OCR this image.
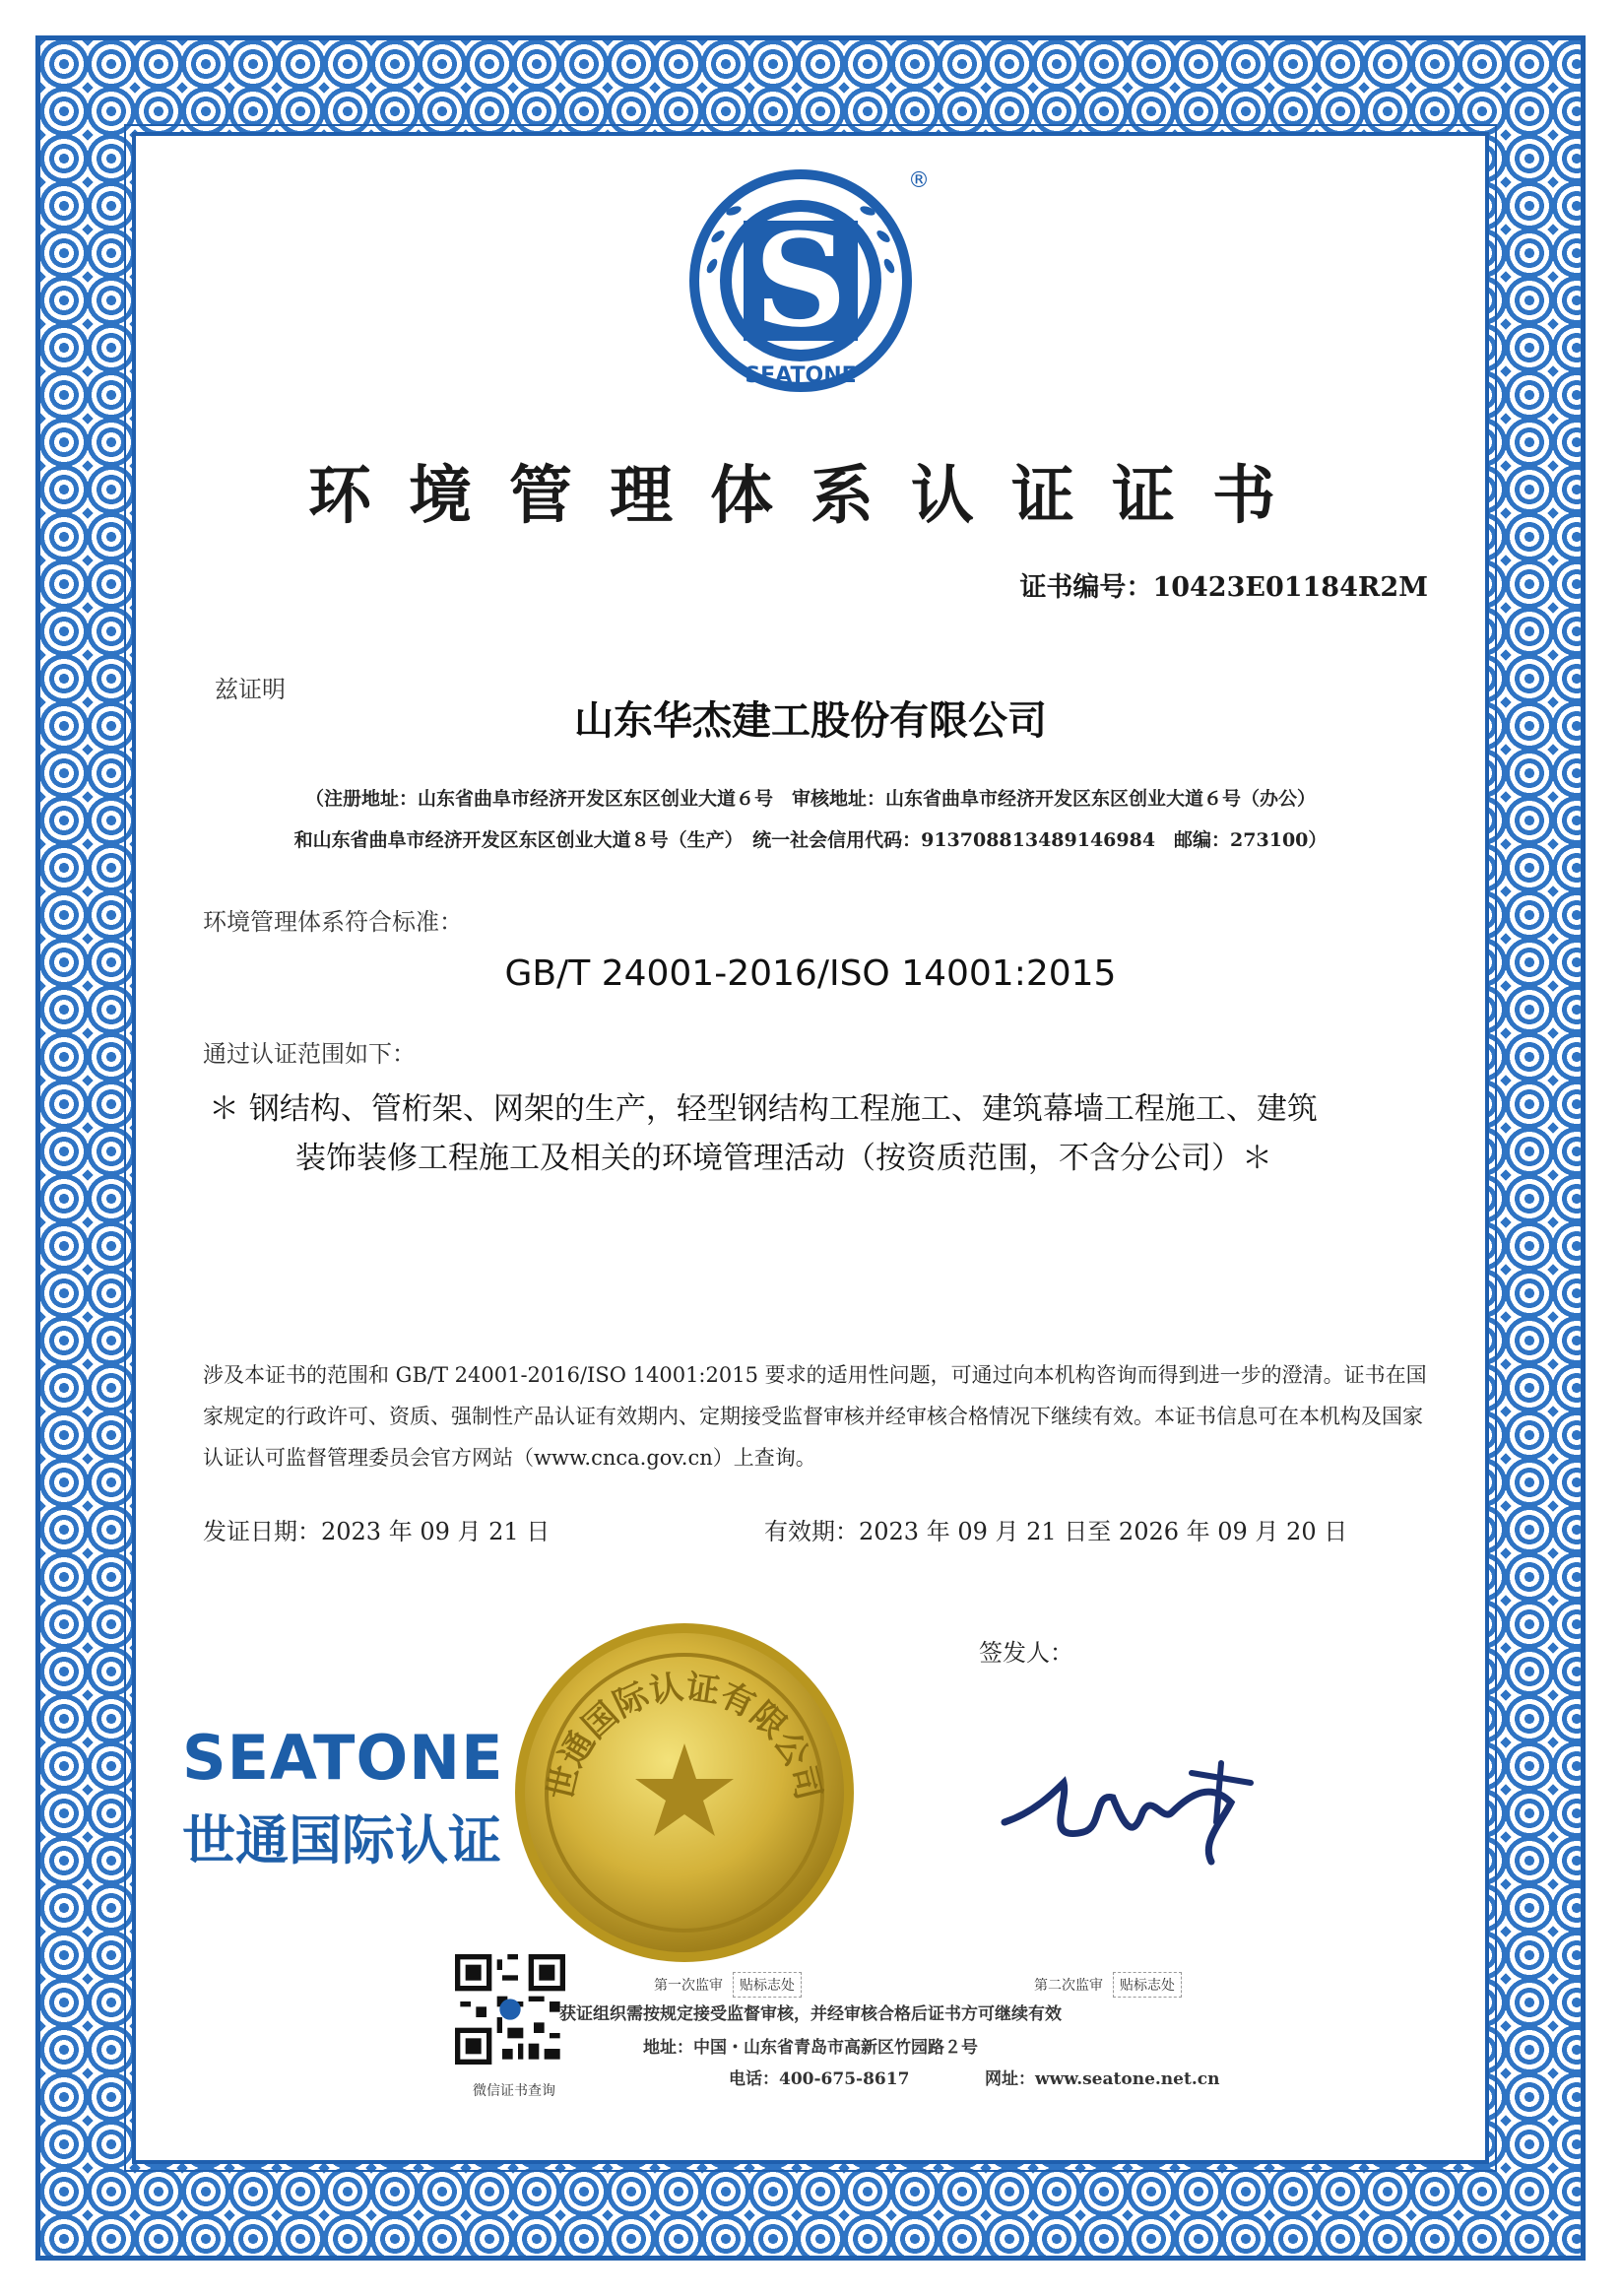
S
SEATONE
®
环境管理体系认证证书
证书编号：10423E01184R2M
兹证明
山东华杰建工股份有限公司
（注册地址：山东省曲阜市经济开发区东区创业大道６号　审核地址：山东省曲阜市经济开发区东区创业大道６号（办公）
和山东省曲阜市经济开发区东区创业大道８号（生产）　统一社会信用代码：913708813489146984　邮编：273100）
环境管理体系符合标准：
GB/T 24001-2016/ISO 14001:2015
通过认证范围如下：
＊ 钢结构、管桁架、网架的生产，轻型钢结构工程施工、建筑幕墙工程施工、建筑
装饰装修工程施工及相关的环境管理活动（按资质范围，不含分公司）＊
涉及本证书的范围和 GB/T 24001-2016/ISO 14001:2015 要求的适用性问题，可通过向本机构咨询而得到进一步的澄清。证书在国家规定的行政许可、资质、强制性产品认证有效期内、定期接受监督审核并经审核合格情况下继续有效。本证书信息可在本机构及国家认证认可监督管理委员会官方网站（www.cnca.gov.cn）上查询。
发证日期：2023 年 09 月 21 日	有效期：2023 年 09 月 21 日至 2026 年 09 月 20 日
签发人：
SEATONE
世通国际认证
世通国际认证有限公司
微信证书查询
第一次监审 贴标志处	第二次监审 贴标志处
获证组织需按规定接受监督审核，并经审核合格后证书方可继续有效
地址：中国・山东省青岛市高新区竹园路２号
电话：400-675-8617	网址：www.seatone.net.cn
